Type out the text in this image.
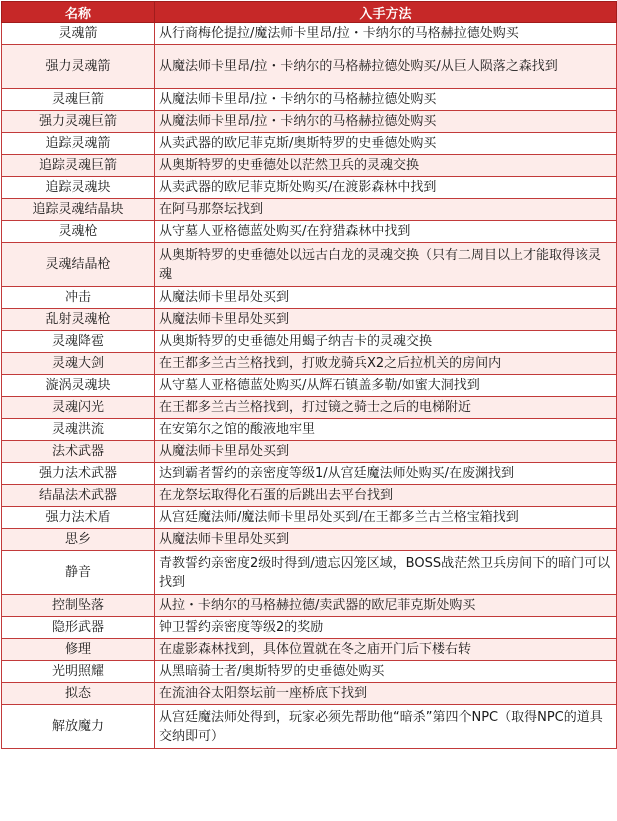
名称	入手方法
灵魂箭	从行商梅伦提拉/魔法师卡里昂/拉・卡纳尔的马格赫拉德处购买
强力灵魂箭	从魔法师卡里昂/拉・卡纳尔的马格赫拉德处购买/从巨人陨落之森找到
灵魂巨箭	从魔法师卡里昂/拉・卡纳尔的马格赫拉德处购买
强力灵魂巨箭	从魔法师卡里昂/拉・卡纳尔的马格赫拉德处购买
追踪灵魂箭	从卖武器的欧尼菲克斯/奥斯特罗的史垂德处购买
追踪灵魂巨箭	从奥斯特罗的史垂德处以茫然卫兵的灵魂交换
追踪灵魂块	从卖武器的欧尼菲克斯处购买/在渡影森林中找到
追踪灵魂结晶块	在阿马那祭坛找到
灵魂枪	从守墓人亚格德蓝处购买/在狩猎森林中找到
灵魂结晶枪	从奥斯特罗的史垂德处以远古白龙的灵魂交换（只有二周目以上才能取得该灵魂
冲击	从魔法师卡里昂处买到
乱射灵魂枪	从魔法师卡里昂处买到
灵魂降雹	从奥斯特罗的史垂德处用蝎子纳吉卡的灵魂交换
灵魂大剑	在王都多兰古兰格找到，打败龙骑兵X2之后拉机关的房间内
漩涡灵魂块	从守墓人亚格德蓝处购买/从辉石镇盖多勒/如蜜大洞找到
灵魂闪光	在王都多兰古兰格找到，打过镜之骑士之后的电梯附近
灵魂洪流	在安第尔之馆的酸液地牢里
法术武器	从魔法师卡里昂处买到
强力法术武器	达到霸者誓约的亲密度等级1/从宫廷魔法师处购买/在废渊找到
结晶法术武器	在龙祭坛取得化石蛋的后跳出去平台找到
强力法术盾	从宫廷魔法师/魔法师卡里昂处买到/在王都多兰古兰格宝箱找到
思乡	从魔法师卡里昂处买到
静音	青教誓约亲密度2级时得到/遗忘囚笼区域，BOSS战茫然卫兵房间下的暗门可以找到
控制坠落	从拉・卡纳尔的马格赫拉德/卖武器的欧尼菲克斯处购买
隐形武器	钟卫誓约亲密度等级2的奖励
修理	在虚影森林找到，具体位置就在冬之庙开门后下楼右转
光明照耀	从黑暗骑士者/奥斯特罗的史垂德处购买
拟态	在流油谷太阳祭坛前一座桥底下找到
解放魔力	从宫廷魔法师处得到，玩家必须先帮助他“暗杀”第四个NPC（取得NPC的道具交纳即可）
